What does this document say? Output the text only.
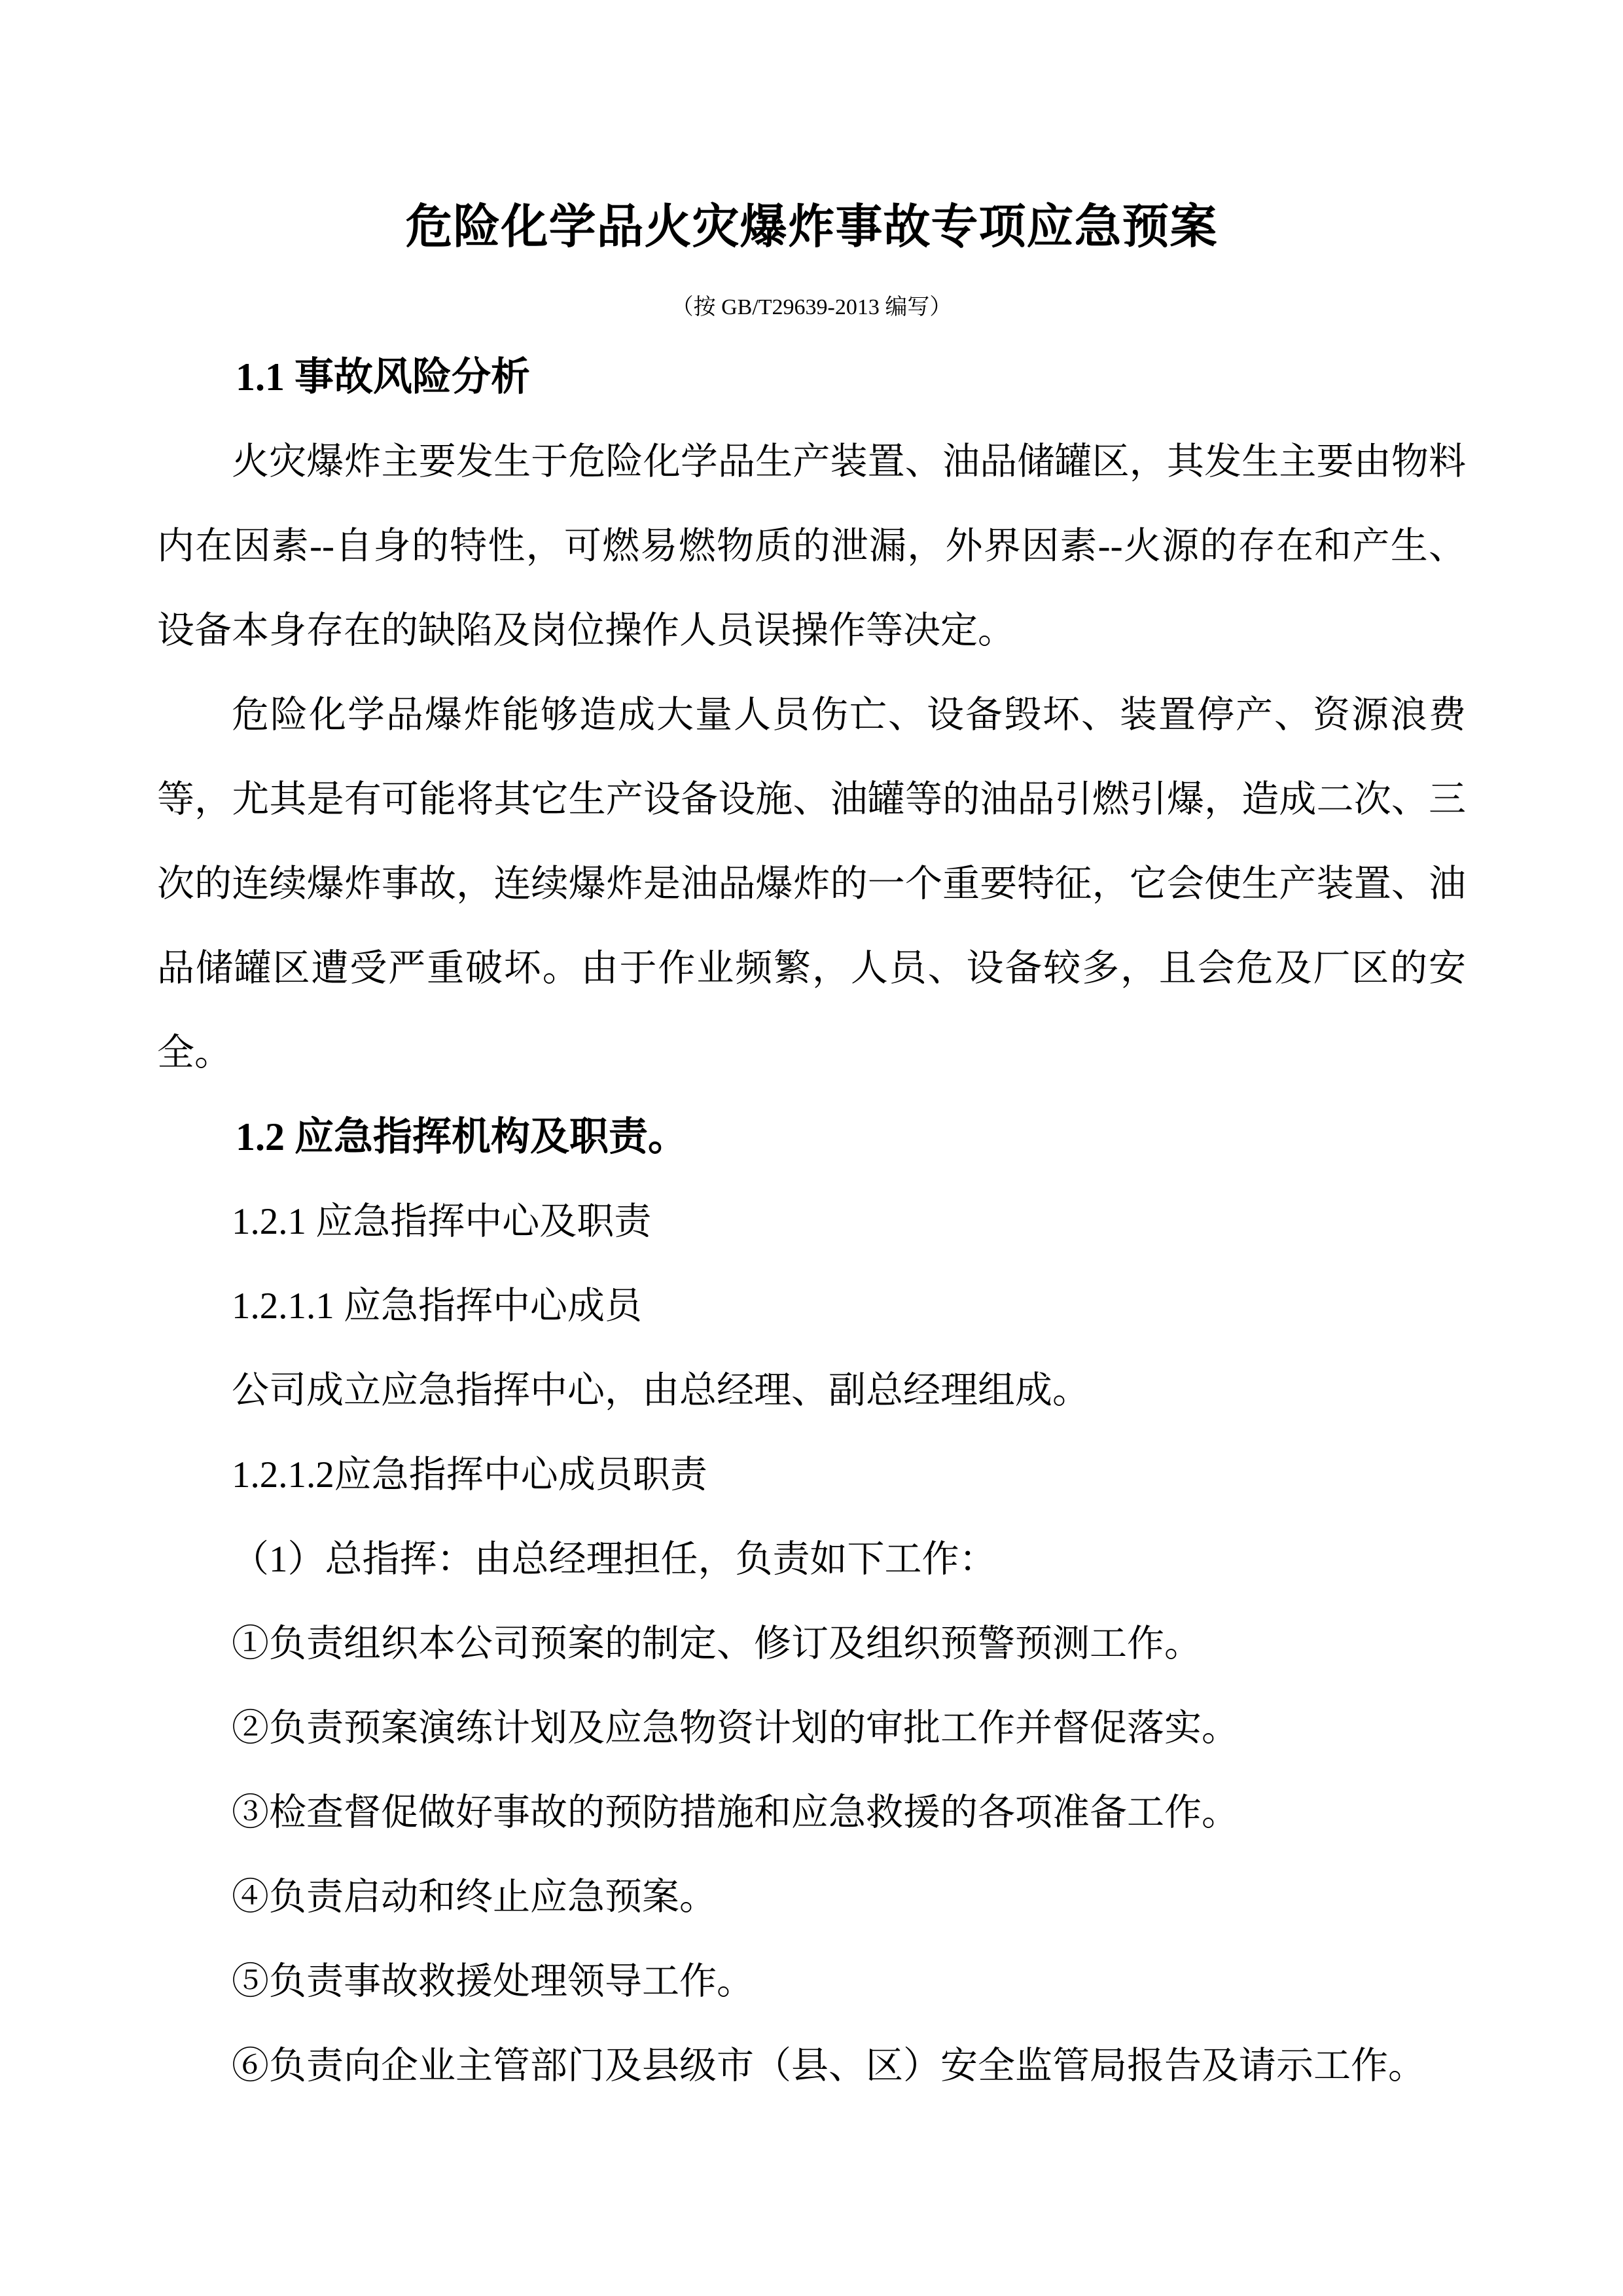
危险化学品火灾爆炸事故专项应急预案
（按 GB/T29639-2013 编写）

1.1 事故风险分析

火灾爆炸主要发生于危险化学品生产装置、油品储罐区，其发生主要由物料内在因素--自身的特性，可燃易燃物质的泄漏，外界因素--火源的存在和产生、设备本身存在的缺陷及岗位操作人员误操作等决定。

危险化学品爆炸能够造成大量人员伤亡、设备毁坏、装置停产、资源浪费等，尤其是有可能将其它生产设备设施、油罐等的油品引燃引爆，造成二次、三次的连续爆炸事故，连续爆炸是油品爆炸的一个重要特征，它会使生产装置、油品储罐区遭受严重破坏。由于作业频繁，人员、设备较多，且会危及厂区的安全。

1.2 应急指挥机构及职责。

1.2.1 应急指挥中心及职责

1.2.1.1 应急指挥中心成员

公司成立应急指挥中心，由总经理、副总经理组成。

1.2.1.2应急指挥中心成员职责

（1）总指挥：由总经理担任，负责如下工作：

①负责组织本公司预案的制定、修订及组织预警预测工作。

②负责预案演练计划及应急物资计划的审批工作并督促落实。

③检查督促做好事故的预防措施和应急救援的各项准备工作。

④负责启动和终止应急预案。

⑤负责事故救援处理领导工作。

⑥负责向企业主管部门及县级市（县、区）安全监管局报告及请示工作。
